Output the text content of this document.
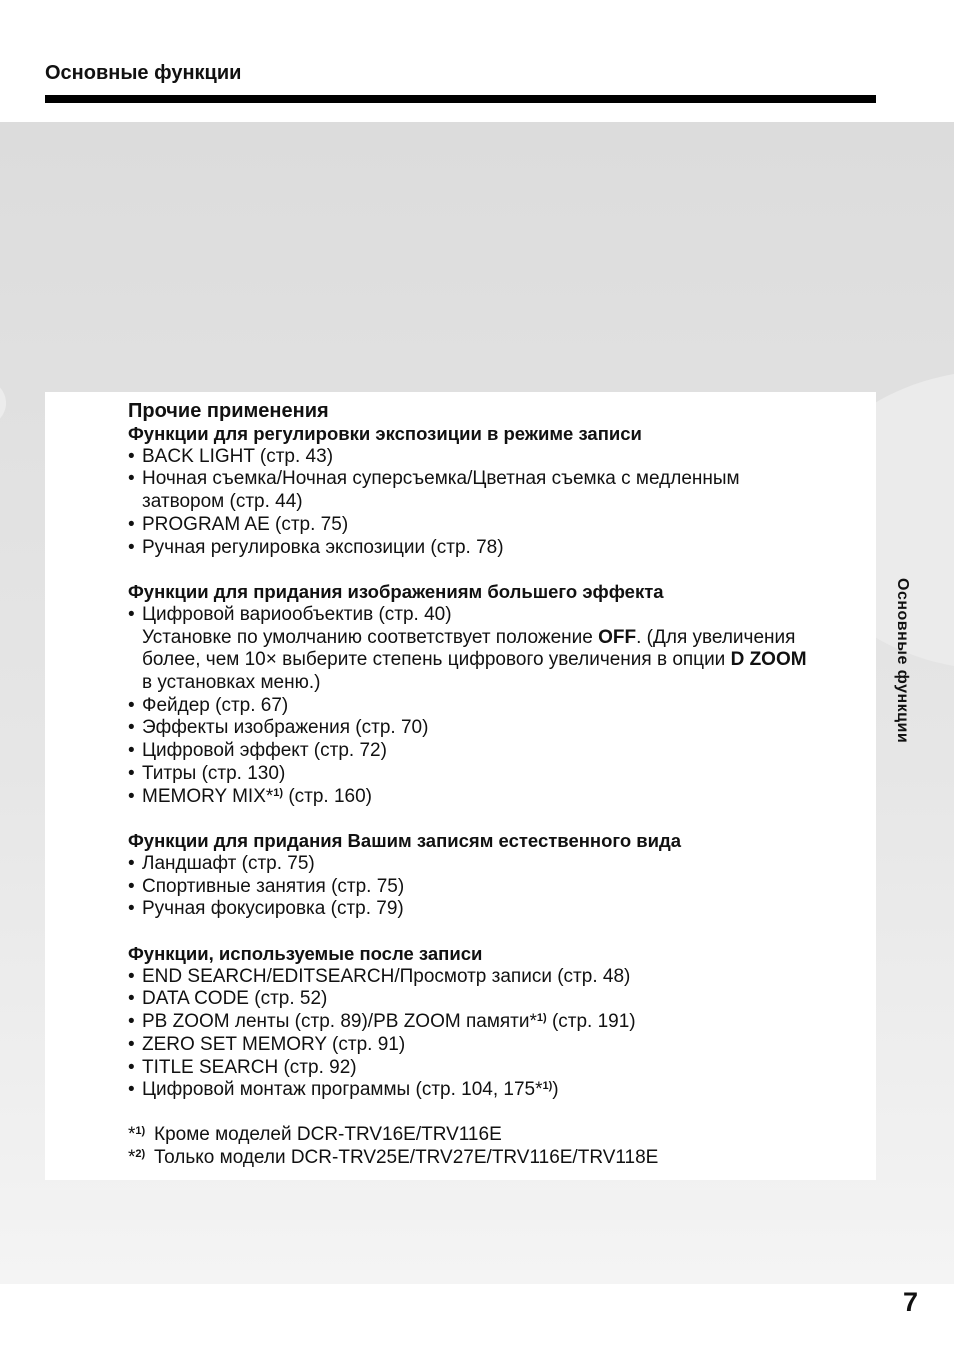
Основные функции
Прочие применения
Функции для регулировки экспозиции в режиме записи
• BACK LIGHT (стр. 43)
• Ночная съемка/Ночная суперсъемка/Цветная съемка с медленным
затвором (стр. 44)
• PROGRAM AE (стр. 75)
• Ручная регулировка экспозиции (стр. 78)
Функции для придания изображениям большего эффекта
• Цифровой вариообъектив (стр. 40)
Установке по умолчанию соответствует положение OFF. (Для увеличения
более, чем 10× выберите степень цифрового увеличения в опции D ZOOM
в установках меню.)
• Фейдер (стр. 67)
• Эффекты изображения (стр. 70)
• Цифровой эффект (стр. 72)
• Титры (стр. 130)
• MEMORY MIX*$^{1)}$ (стр. 160)
Функции для придания Вашим записям естественного вида
• Ландшафт (стр. 75)
• Спортивные занятия (стр. 75)
• Ручная фокусировка (стр. 79)
Функции, используемые после записи
• END SEARCH/EDITSEARCH/Просмотр записи (стр. 48)
• DATA CODE (стр. 52)
• PB ZOOM ленты (стр. 89)/PB ZOOM памяти*$^{1)}$ (стр. 191)
• ZERO SET MEMORY (стр. 91)
• TITLE SEARCH (стр. 92)
• Цифровой монтаж программы (стр. 104, 175*$^{1)}$)
*$^{1)}$ Кроме моделей DCR-TRV16E/TRV116E
*$^{2)}$ Только модели DCR-TRV25E/TRV27E/TRV116E/TRV118E
Основные функции
7
